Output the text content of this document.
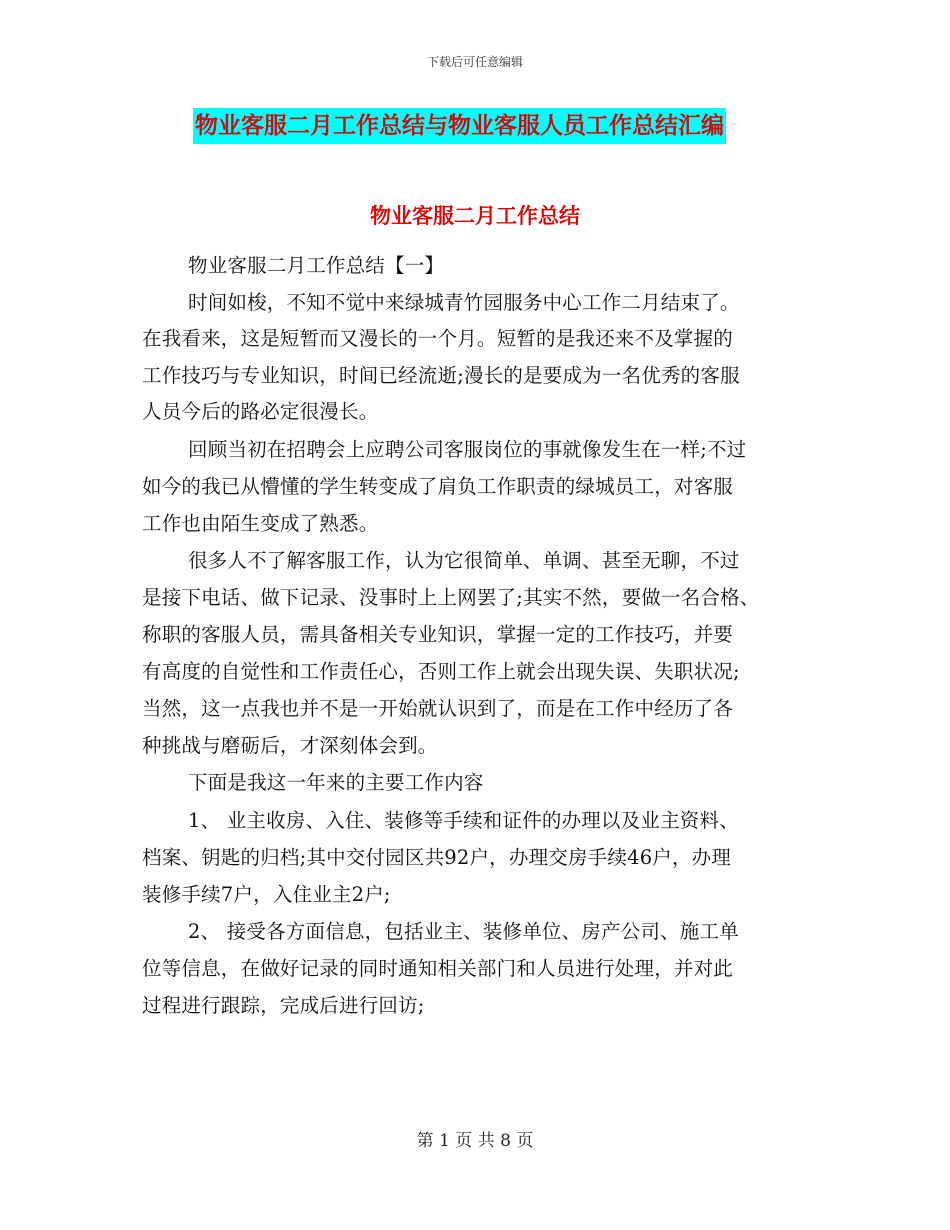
下载后可任意编辑
物业客服二月工作总结与物业客服人员工作总结汇编
物业客服二月工作总结
物业客服二月工作总结【一】
时间如梭，不知不觉中来绿城青竹园服务中心工作二月结束了。
在我看来，这是短暂而又漫长的一个月。短暂的是我还来不及掌握的
工作技巧与专业知识，时间已经流逝;漫长的是要成为一名优秀的客服
人员今后的路必定很漫长。
回顾当初在招聘会上应聘公司客服岗位的事就像发生在一样;不过
如今的我已从懵懂的学生转变成了肩负工作职责的绿城员工，对客服
工作也由陌生变成了熟悉。
很多人不了解客服工作，认为它很简单、单调、甚至无聊，不过
是接下电话、做下记录、没事时上上网罢了;其实不然，要做一名合格、
称职的客服人员，需具备相关专业知识，掌握一定的工作技巧，并要
有高度的自觉性和工作责任心，否则工作上就会出现失误、失职状况;
当然，这一点我也并不是一开始就认识到了，而是在工作中经历了各
种挑战与磨砺后，才深刻体会到。
下面是我这一年来的主要工作内容
1、 业主收房、入住、装修等手续和证件的办理以及业主资料、
档案、钥匙的归档;其中交付园区共92户，办理交房手续46户，办理
装修手续7户，入住业主2户;
2、 接受各方面信息，包括业主、装修单位、房产公司、施工单
位等信息，在做好记录的同时通知相关部门和人员进行处理，并对此
过程进行跟踪，完成后进行回访;
第 1 页 共 8 页
